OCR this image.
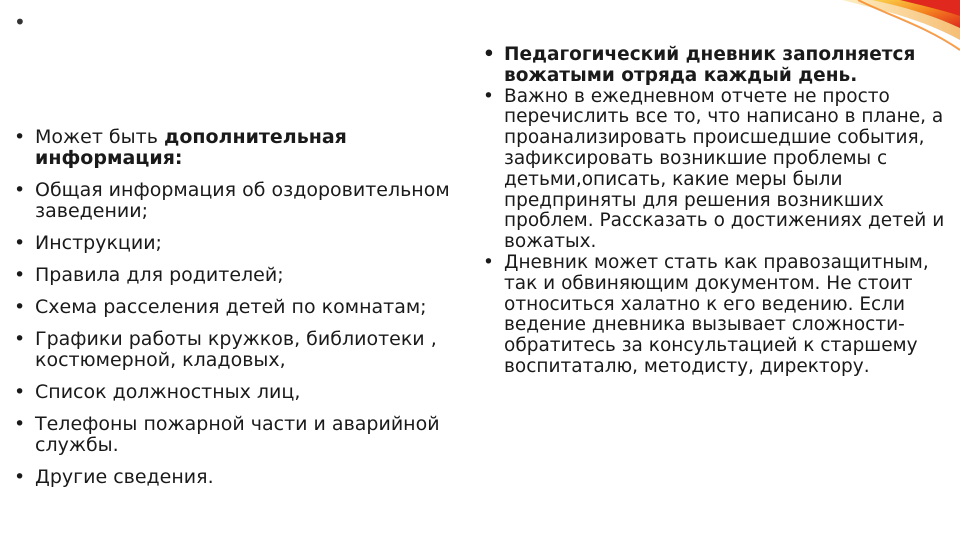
•
• Может быть дополнительная информация:
• Общая информация об оздоровительном заведении;
• Инструкции;
• Правила для родителей;
• Схема расселения детей по комнатам;
• Графики работы кружков, библиотеки , костюмерной, кладовых,
• Список должностных лиц,
• Телефоны пожарной части и аварийной службы.
• Другие сведения.
• Педагогический дневник заполняется вожатыми отряда каждый день.
• Важно в ежедневном отчете не просто перечислить все то, что написано в плане, а проанализировать происшедшие события, зафиксировать возникшие проблемы с детьми,описать, какие меры были предприняты для решения возникших проблем. Рассказать о достижениях детей и вожатых.
• Дневник может стать как правозащитным, так и обвиняющим документом. Не стоит относиться халатно к его ведению. Если ведение дневника вызывает сложности- обратитесь за консультацией к старшему воспитаталю, методисту, директору.
